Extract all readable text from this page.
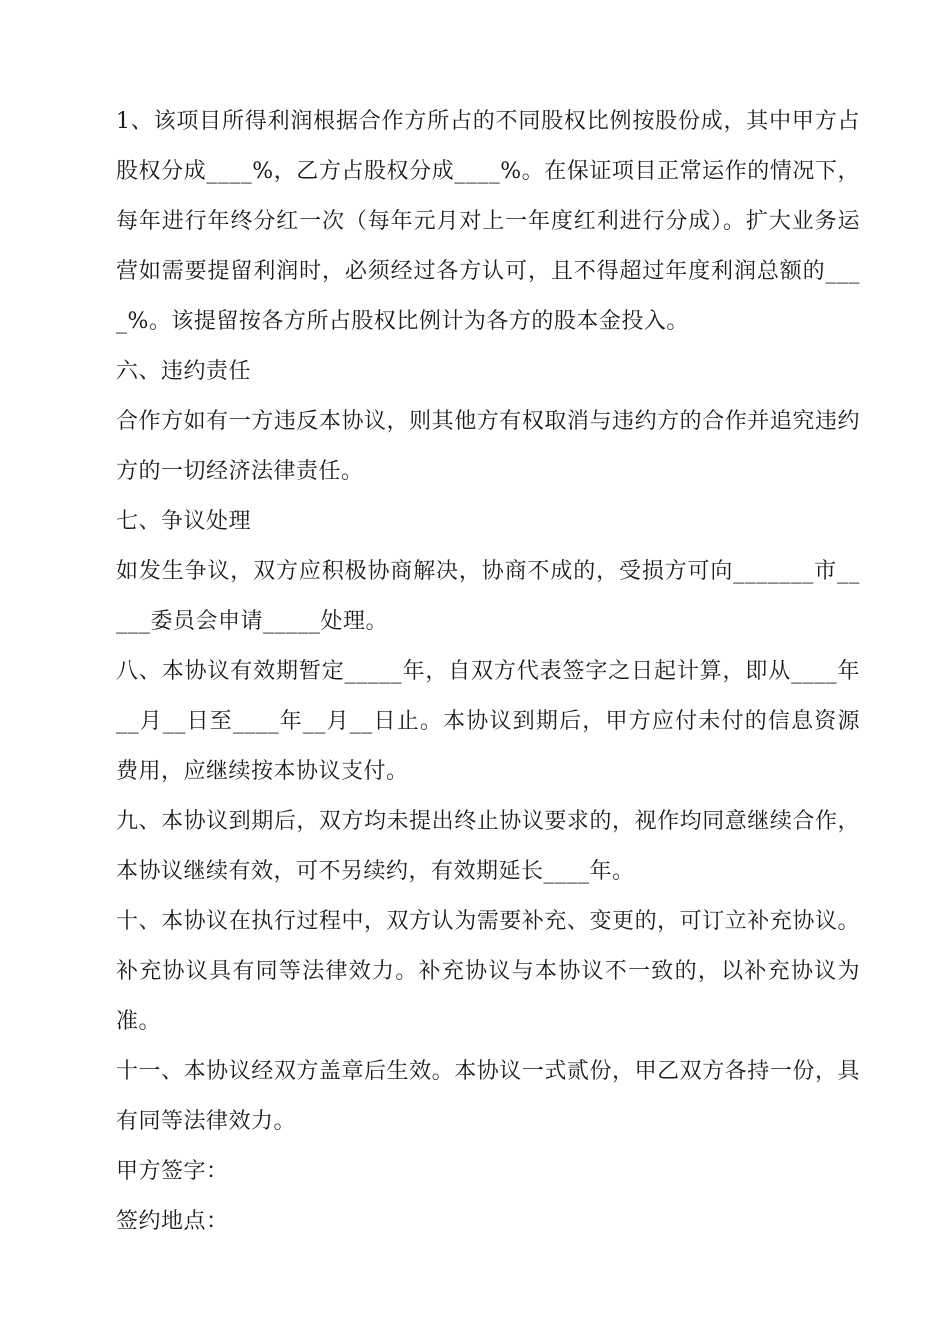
1、该项目所得利润根据合作方所占的不同股权比例按股份成，其中甲方占股权分成____%，乙方占股权分成____%。在保证项目正常运作的情况下，每年进行年终分红一次（每年元月对上一年度红利进行分成）。扩大业务运营如需要提留利润时，必须经过各方认可，且不得超过年度利润总额的____%。该提留按各方所占股权比例计为各方的股本金投入。

六、违约责任

合作方如有一方违反本协议，则其他方有权取消与违约方的合作并追究违约方的一切经济法律责任。

七、争议处理

如发生争议，双方应积极协商解决，协商不成的，受损方可向_______市_____委员会申请_____处理。

八、本协议有效期暂定_____年，自双方代表签字之日起计算，即从____年__月__日至____年__月__日止。本协议到期后，甲方应付未付的信息资源费用，应继续按本协议支付。

九、本协议到期后，双方均未提出终止协议要求的，视作均同意继续合作，本协议继续有效，可不另续约，有效期延长____年。

十、本协议在执行过程中，双方认为需要补充、变更的，可订立补充协议。补充协议具有同等法律效力。补充协议与本协议不一致的，以补充协议为准。

十一、本协议经双方盖章后生效。本协议一式贰份，甲乙双方各持一份，具有同等法律效力。

甲方签字：

签约地点：
